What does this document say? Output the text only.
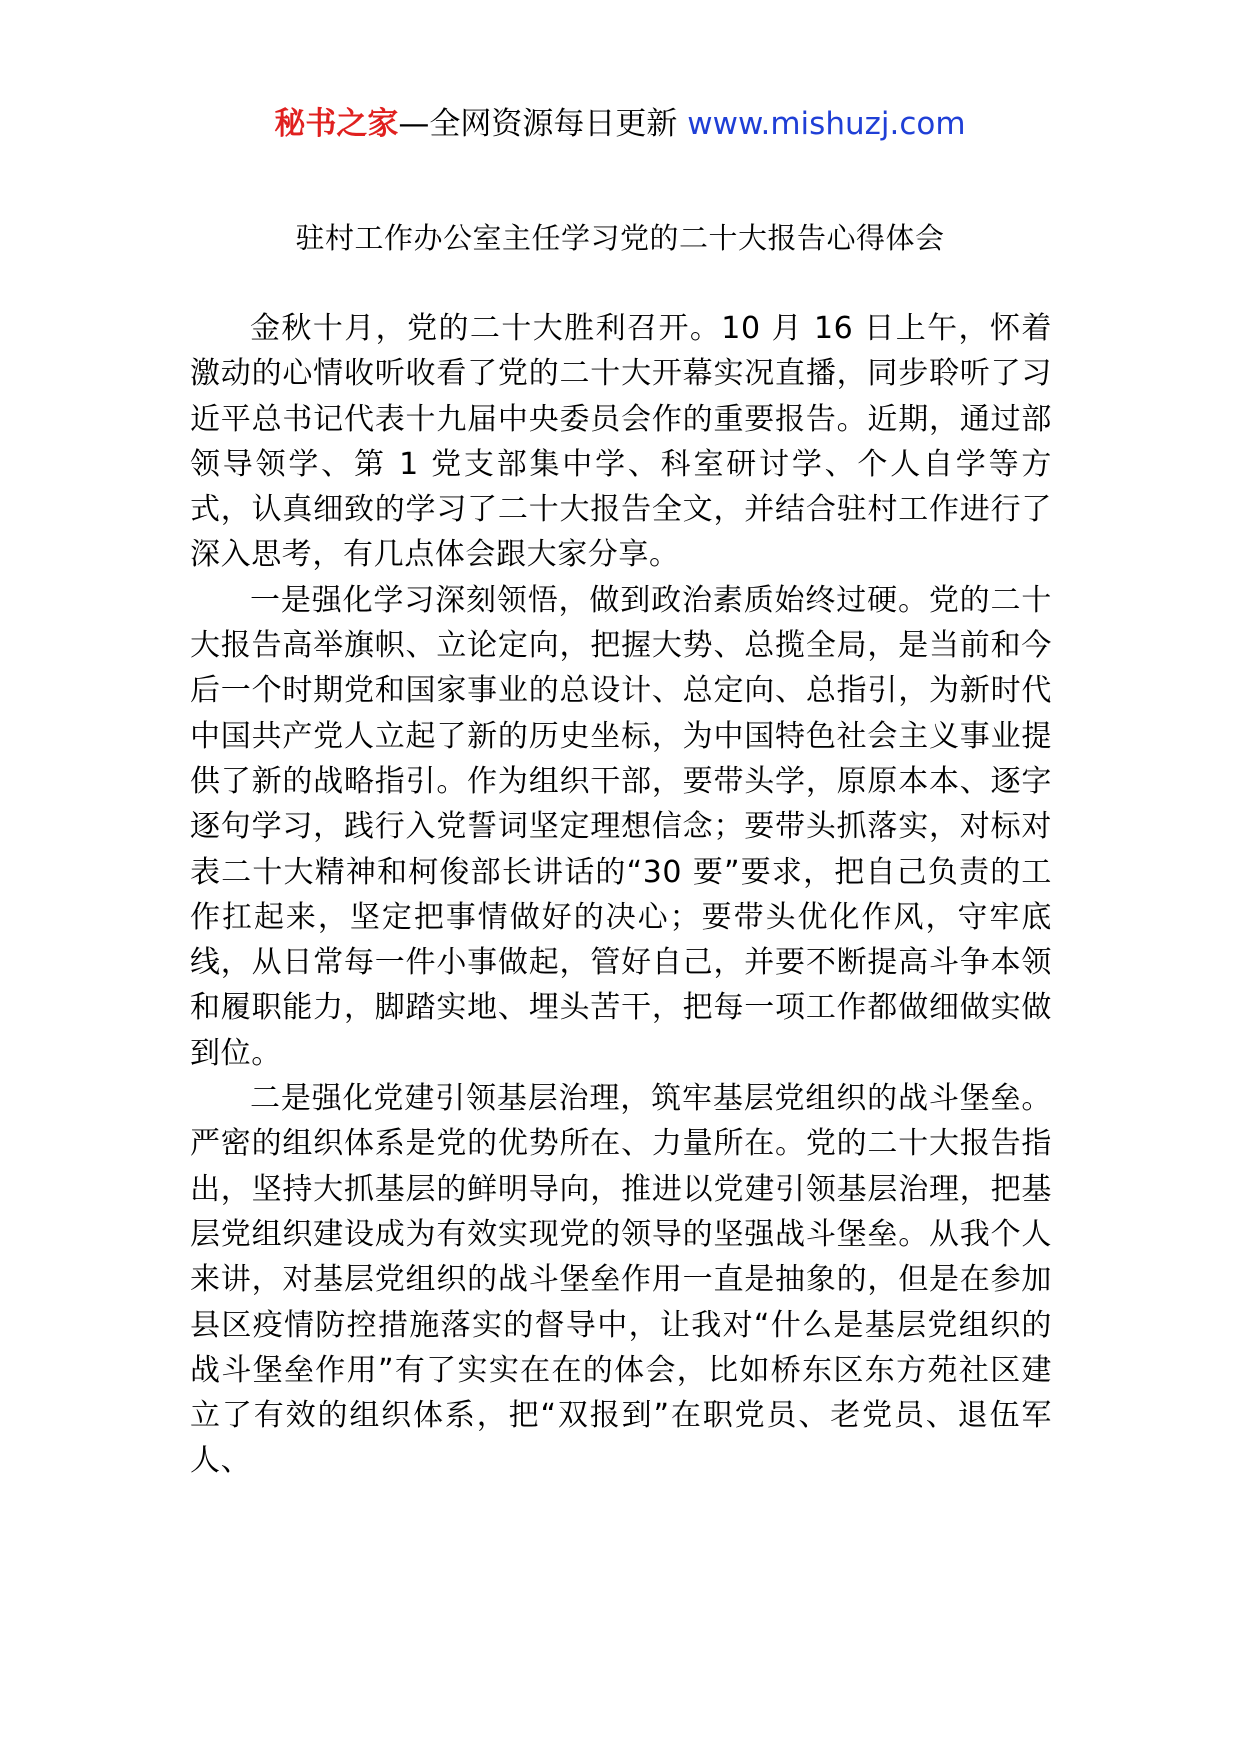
秘书之家—全网资源每日更新 www.mishuzj.com
驻村工作办公室主任学习党的二十大报告心得体会

金秋十月，党的二十大胜利召开。10 月 16 日上午，怀着激动的心情收听收看了党的二十大开幕实况直播，同步聆听了习近平总书记代表十九届中央委员会作的重要报告。近期，通过部领导领学、第 1 党支部集中学、科室研讨学、个人自学等方式，认真细致的学习了二十大报告全文，并结合驻村工作进行了深入思考，有几点体会跟大家分享。

一是强化学习深刻领悟，做到政治素质始终过硬。党的二十大报告高举旗帜、立论定向，把握大势、总揽全局，是当前和今后一个时期党和国家事业的总设计、总定向、总指引，为新时代中国共产党人立起了新的历史坐标，为中国特色社会主义事业提供了新的战略指引。作为组织干部，要带头学，原原本本、逐字逐句学习，践行入党誓词坚定理想信念；要带头抓落实，对标对表二十大精神和柯俊部长讲话的“30 要”要求，把自己负责的工作扛起来，坚定把事情做好的决心；要带头优化作风，守牢底线，从日常每一件小事做起，管好自己，并要不断提高斗争本领和履职能力，脚踏实地、埋头苦干，把每一项工作都做细做实做到位。

二是强化党建引领基层治理，筑牢基层党组织的战斗堡垒。严密的组织体系是党的优势所在、力量所在。党的二十大报告指出，坚持大抓基层的鲜明导向，推进以党建引领基层治理，把基层党组织建设成为有效实现党的领导的坚强战斗堡垒。从我个人来讲，对基层党组织的战斗堡垒作用一直是抽象的，但是在参加县区疫情防控措施落实的督导中，让我对“什么是基层党组织的战斗堡垒作用”有了实实在在的体会，比如桥东区东方苑社区建立了有效的组织体系，把“双报到”在职党员、老党员、退伍军人、
